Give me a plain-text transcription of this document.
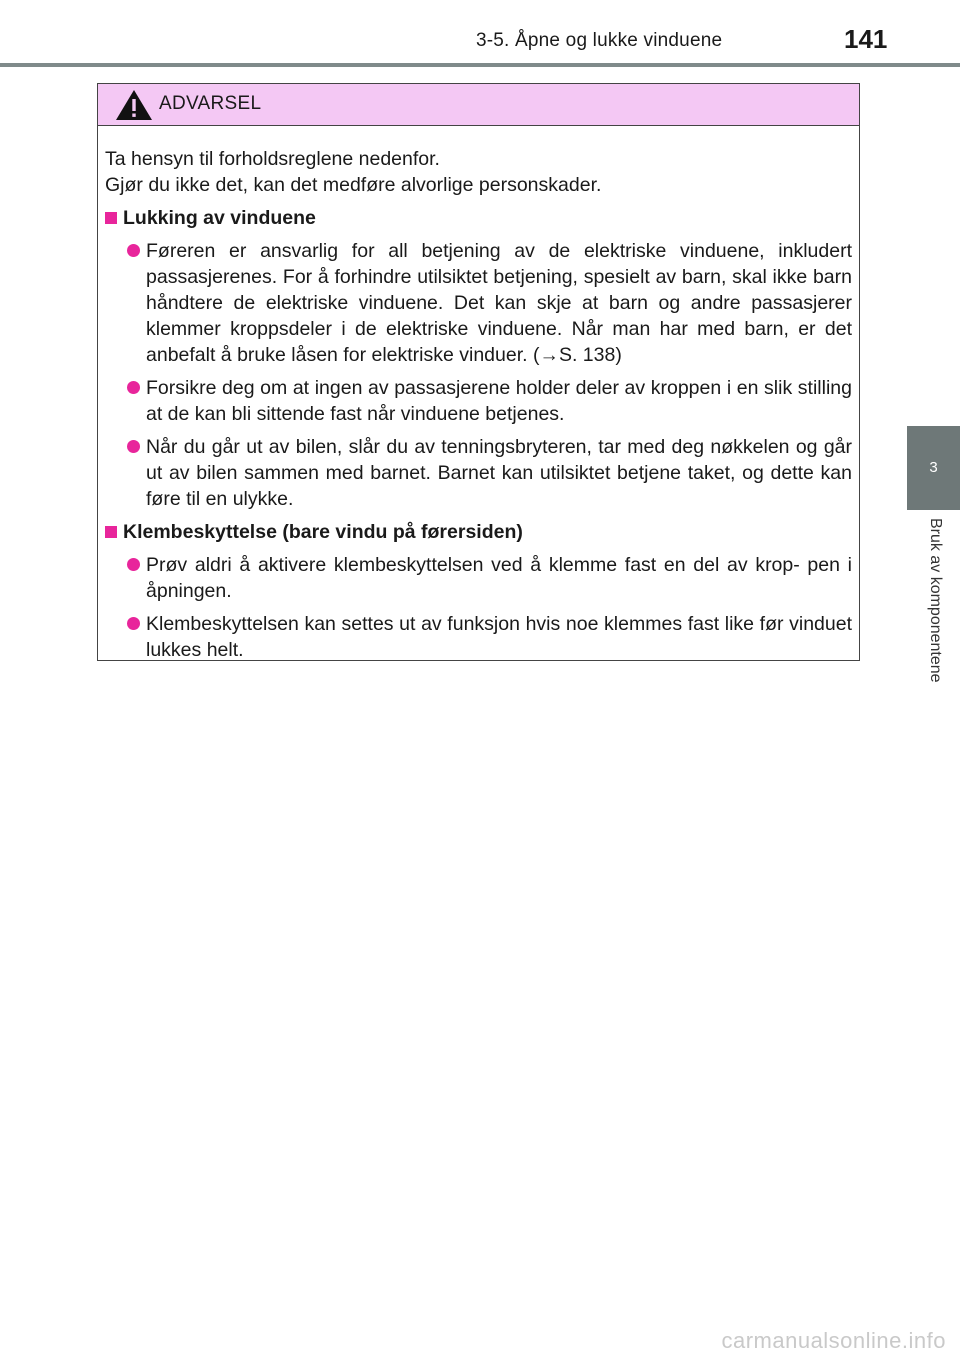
3-5. Åpne og lukke vinduene	141
3
Bruk av komponentene
ADVARSEL

Ta hensyn til forholdsreglene nedenfor.

Gjør du ikke det, kan det medføre alvorlige personskader.

Lukking av vinduene
Føreren er ansvarlig for all betjening av de elektriske vinduene, inkludert passasjerenes. For å forhindre utilsiktet betjening, spesielt av barn, skal ikke barn håndtere de elektriske vinduene. Det kan skje at barn og andre passasjerer klemmer kroppsdeler i de elektriske vinduene. Når man har med barn, er det anbefalt å bruke låsen for elektriske vinduer. (→S. 138)
Forsikre deg om at ingen av passasjerene holder deler av kroppen i en slik stilling at de kan bli sittende fast når vinduene betjenes.
Når du går ut av bilen, slår du av tenningsbryteren, tar med deg nøkkelen og går ut av bilen sammen med barnet. Barnet kan utilsiktet betjene taket, og dette kan føre til en ulykke.
Klembeskyttelse (bare vindu på førersiden)
Prøv aldri å aktivere klembeskyttelsen ved å klemme fast en del av krop- pen i åpningen.
Klembeskyttelsen kan settes ut av funksjon hvis noe klemmes fast like før vinduet lukkes helt.
carmanualsonline.info
